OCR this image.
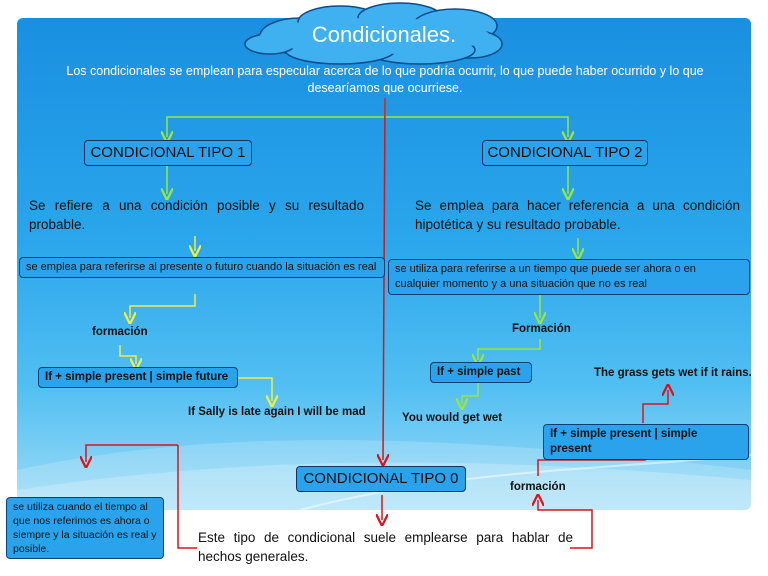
Condicionales.
Los condicionales se emplean para especular acerca de lo que podría ocurrir, lo que puede haber ocurrido y lo que desearíamos que ocurriese.
CONDICIONAL TIPO 1
Se refiere a una condición posible y su resultado probable.
se emplea para referirse al presente o futuro cuando la situación es real
formación
If + simple present | simple future
If Sally is late again I will be mad
CONDICIONAL TIPO 2
Se emplea para hacer referencia a una condición hipotética y su resultado probable.
se utiliza para referirse a un tiempo que puede ser ahora o en cualquier momento y a una situación que no es real
Formación
If + simple past
You would get wet
CONDICIONAL TIPO 0
se utiliza cuando el tiempo al que nos referimos es ahora o siempre y la situación es real y posible.
Este tipo de condicional suele emplearse para hablar de hechos generales.
formación
If + simple present | simple present
The grass gets wet if it rains.
